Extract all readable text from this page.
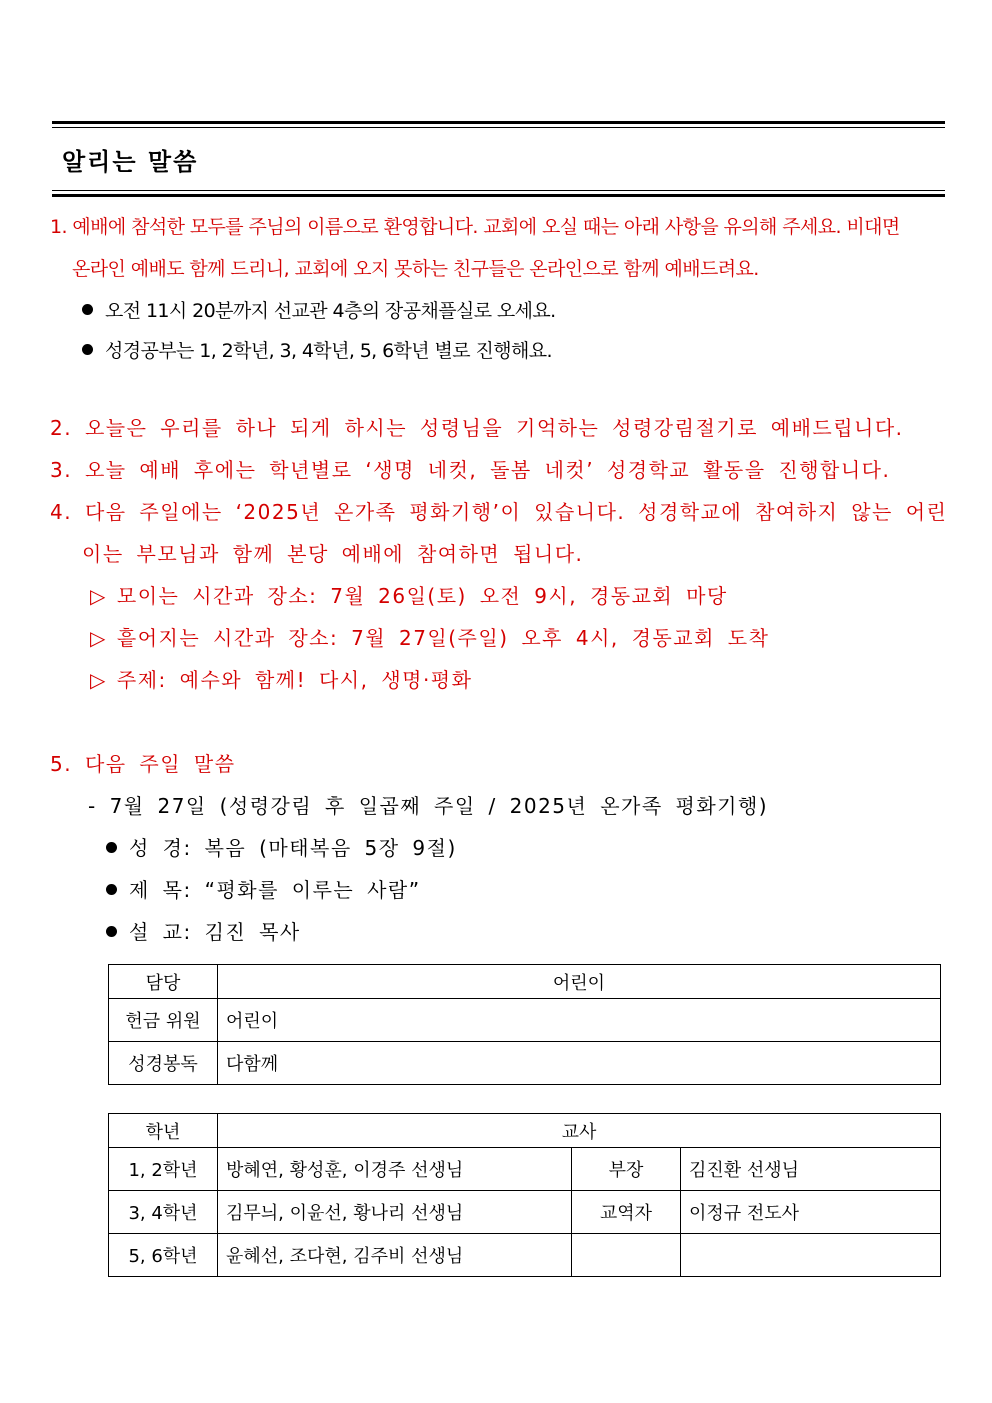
알리는 말씀
1. 예배에 참석한 모두를 주님의 이름으로 환영합니다. 교회에 오실 때는 아래 사항을 유의해 주세요. 비대면
온라인 예배도 함께 드리니, 교회에 오지 못하는 친구들은 온라인으로 함께 예배드려요.
오전 11시 20분까지 선교관 4층의 장공채플실로 오세요.
성경공부는 1, 2학년, 3, 4학년, 5, 6학년 별로 진행해요.
2. 오늘은 우리를 하나 되게 하시는 성령님을 기억하는 성령강림절기로 예배드립니다.
3. 오늘 예배 후에는 학년별로 ‘생명 네컷, 돌봄 네컷’ 성경학교 활동을 진행합니다.
4. 다음 주일에는 ‘2025년 온가족 평화기행’이 있습니다. 성경학교에 참여하지 않는 어린
이는 부모님과 함께 본당 예배에 참여하면 됩니다.
▷ 모이는 시간과 장소: 7월 26일(토) 오전 9시, 경동교회 마당
▷ 흩어지는 시간과 장소: 7월 27일(주일) 오후 4시, 경동교회 도착
▷ 주제: 예수와 함께! 다시, 생명·평화
5. 다음 주일 말씀
- 7월 27일 (성령강림 후 일곱째 주일 / 2025년 온가족 평화기행)
성 경: 복음 (마태복음 5장 9절)
제 목: “평화를 이루는 사람”
설 교: 김진 목사
담당	어린이
헌금 위원	어린이
성경봉독	다함께
학년	교사		
1, 2학년	방혜연, 황성훈, 이경주 선생님	부장	김진환 선생님
3, 4학년	김무늬, 이윤선, 황나리 선생님	교역자	이정규 전도사
5, 6학년	윤혜선, 조다현, 김주비 선생님		
